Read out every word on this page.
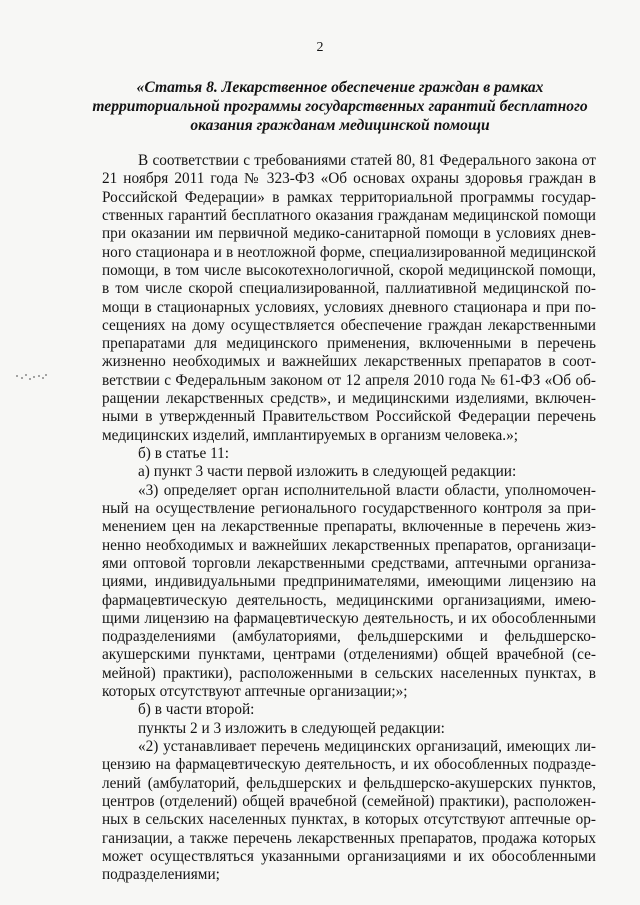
2
«Статья 8. Лекарственное обеспечение граждан в рамках
территориальной программы государственных гарантий бесплатного
оказания гражданам медицинской помощи
В соответствии с требованиями статей 80, 81 Федерального закона от
21 ноября 2011 года № 323-ФЗ «Об основах охраны здоровья граждан в
Российской Федерации» в рамках территориальной программы государ-
ственных гарантий бесплатного оказания гражданам медицинской помощи
при оказании им первичной медико-санитарной помощи в условиях днев-
ного стационара и в неотложной форме, специализированной медицинской
помощи, в том числе высокотехнологичной, скорой медицинской помощи,
в том числе скорой специализированной, паллиативной медицинской по-
мощи в стационарных условиях, условиях дневного стационара и при по-
сещениях на дому осуществляется обеспечение граждан лекарственными
препаратами для медицинского применения, включенными в перечень
жизненно необходимых и важнейших лекарственных препаратов в соот-
ветствии с Федеральным законом от 12 апреля 2010 года № 61-ФЗ «Об об-
ращении лекарственных средств», и медицинскими изделиями, включен-
ными в утвержденный Правительством Российской Федерации перечень
медицинских изделий, имплантируемых в организм человека.»;
б) в статье 11:
а) пункт 3 части первой изложить в следующей редакции:
«3) определяет орган исполнительной власти области, уполномочен-
ный на осуществление регионального государственного контроля за при-
менением цен на лекарственные препараты, включенные в перечень жиз-
ненно необходимых и важнейших лекарственных препаратов, организаци-
ями оптовой торговли лекарственными средствами, аптечными организа-
циями, индивидуальными предпринимателями, имеющими лицензию на
фармацевтическую деятельность, медицинскими организациями, имею-
щими лицензию на фармацевтическую деятельность, и их обособленными
подразделениями (амбулаториями, фельдшерскими и фельдшерско-
акушерскими пунктами, центрами (отделениями) общей врачебной (се-
мейной) практики), расположенными в сельских населенных пунктах, в
которых отсутствуют аптечные организации;»;
б) в части второй:
пункты 2 и 3 изложить в следующей редакции:
«2) устанавливает перечень медицинских организаций, имеющих ли-
цензию на фармацевтическую деятельность, и их обособленных подразде-
лений (амбулаторий, фельдшерских и фельдшерско-акушерских пунктов,
центров (отделений) общей врачебной (семейной) практики), расположен-
ных в сельских населенных пунктах, в которых отсутствуют аптечные ор-
ганизации, а также перечень лекарственных препаратов, продажа которых
может осуществляться указанными организациями и их обособленными
подразделениями;
